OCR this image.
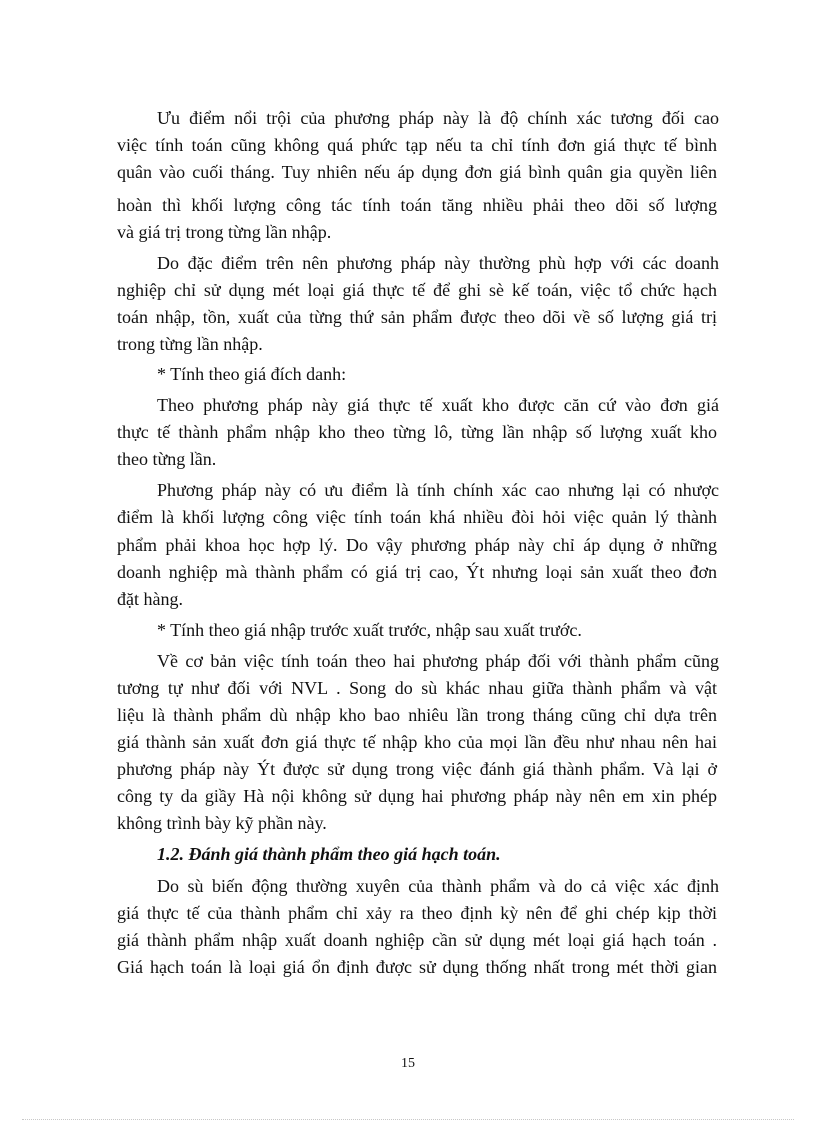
Ưu điểm nổi trội của phương pháp này là độ chính xác tương đối cao
việc tính toán cũng không quá phức tạp nếu ta chỉ tính đơn giá thực tế bình
quân vào cuối tháng. Tuy nhiên nếu áp dụng đơn giá bình quân gia quyền liên
hoàn thì khối lượng công tác tính toán tăng nhiều phải theo dõi số lượng
và giá trị trong từng lần nhập.
Do đặc điểm trên nên phương pháp này thường phù hợp với các doanh
nghiệp chỉ sử dụng mét loại giá thực tế để ghi sè kế toán, việc tổ chức hạch
toán nhập, tồn, xuất của từng thứ sản phẩm được theo dõi về số lượng giá trị
trong từng lần nhập.
* Tính theo giá đích danh:
Theo phương pháp này giá thực tế xuất kho được căn cứ vào đơn giá
thực tế thành phẩm nhập kho theo từng lô, từng lần nhập số lượng xuất kho
theo từng lần.
Phương pháp này có ưu điểm là tính chính xác cao nhưng lại có nhược
điểm là khối lượng công việc tính toán khá nhiều đòi hỏi việc quản lý thành
phẩm phải khoa học hợp lý. Do vậy phương pháp này chỉ áp dụng ở những
doanh nghiệp mà thành phẩm có giá trị cao, Ýt nhưng loại sản xuất theo đơn
đặt hàng.
* Tính theo giá nhập trước xuất trước, nhập sau xuất trước.
Về cơ bản việc tính toán theo hai phương pháp đối với thành phẩm cũng
tương tự như đối với NVL . Song do sù khác nhau giữa thành phẩm và vật
liệu là thành phẩm dù nhập kho bao nhiêu lần trong tháng cũng chỉ dựa trên
giá thành sản xuất đơn giá thực tế nhập kho của mọi lần đều như nhau nên hai
phương pháp này Ýt được sử dụng trong việc đánh giá thành phẩm. Và lại ở
công ty da giầy Hà nội không sử dụng hai phương pháp này nên em xin phép
không trình bày kỹ phần này.
1.2. Đánh giá thành phẩm theo giá hạch toán.
Do sù biến động thường xuyên của thành phẩm và do cả việc xác định
giá thực tế của thành phẩm chỉ xảy ra theo định kỳ nên để ghi chép kịp thời
giá thành phẩm nhập xuất doanh nghiệp cần sử dụng mét loại giá hạch toán .
Giá hạch toán là loại giá ổn định được sử dụng thống nhất trong mét thời gian
15
